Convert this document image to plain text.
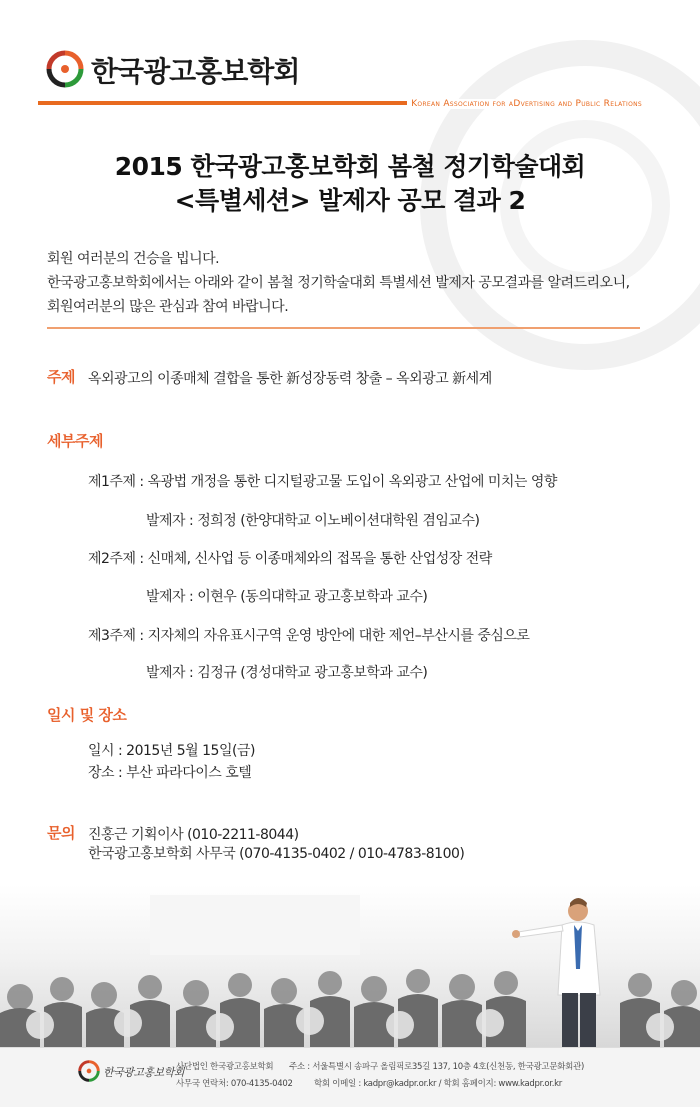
한국광고홍보학회
Korean Association for aDvertising and Public Relations
2015 한국광고홍보학회 봄철 정기학술대회
<특별세션> 발제자 공모 결과 2
회원 여러분의 건승을 빕니다.
한국광고홍보학회에서는 아래와 같이 봄철 정기학술대회 특별세션 발제자 공모결과를 알려드리오니,
회원여러분의 많은 관심과 참여 바랍니다.
주제 옥외광고의 이종매체 결합을 통한 新성장동력 창출 – 옥외광고 新세계
세부주제
제1주제 : 옥광법 개정을 통한 디지털광고물 도입이 옥외광고 산업에 미치는 영향
발제자 : 정희정 (한양대학교 이노베이션대학원 겸임교수)
제2주제 : 신매체, 신사업 등 이종매체와의 접목을 통한 산업성장 전략
발제자 : 이현우 (동의대학교 광고홍보학과 교수)
제3주제 : 지자체의 자유표시구역 운영 방안에 대한 제언–부산시를 중심으로
발제자 : 김정규 (경성대학교 광고홍보학과 교수)
일시 및 장소
일시 : 2015년 5월 15일(금)
장소 : 부산 파라다이스 호텔
문의 진홍근 기획이사 (010-2211-8044)
한국광고홍보학회 사무국 (070-4135-0402 / 010-4783-8100)
한국광고홍보학회
사단법인 한국광고홍보학회 주소 : 서울특별시 송파구 올림픽로35길 137, 10층 4호(신천동, 한국광고문화회관)
사무국 연락처: 070-4135-0402	학회 이메일 : kadpr@kadpr.or.kr / 학회 홈페이지: www.kadpr.or.kr
